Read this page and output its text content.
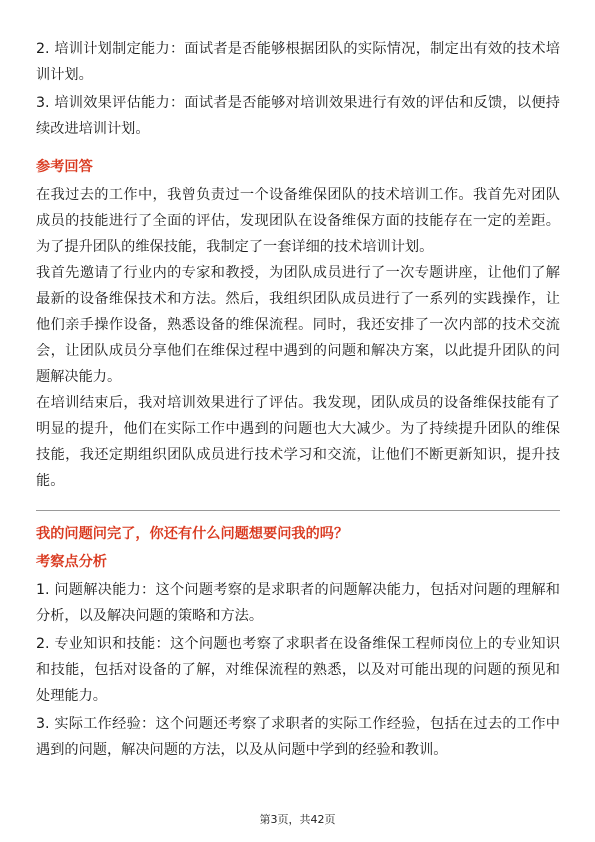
2. 培训计划制定能力：面试者是否能够根据团队的实际情况，制定出有效的技术培训计划。

3. 培训效果评估能力：面试者是否能够对培训效果进行有效的评估和反馈，以便持续改进培训计划。

参考回答

在我过去的工作中，我曾负责过一个设备维保团队的技术培训工作。我首先对团队成员的技能进行了全面的评估，发现团队在设备维保方面的技能存在一定的差距。为了提升团队的维保技能，我制定了一套详细的技术培训计划。

我首先邀请了行业内的专家和教授，为团队成员进行了一次专题讲座，让他们了解最新的设备维保技术和方法。然后，我组织团队成员进行了一系列的实践操作，让他们亲手操作设备，熟悉设备的维保流程。同时，我还安排了一次内部的技术交流会，让团队成员分享他们在维保过程中遇到的问题和解决方案，以此提升团队的问题解决能力。

在培训结束后，我对培训效果进行了评估。我发现，团队成员的设备维保技能有了明显的提升，他们在实际工作中遇到的问题也大大减少。为了持续提升团队的维保技能，我还定期组织团队成员进行技术学习和交流，让他们不断更新知识，提升技能。

我的问题问完了，你还有什么问题想要问我的吗？
考察点分析

1. 问题解决能力：这个问题考察的是求职者的问题解决能力，包括对问题的理解和分析，以及解决问题的策略和方法。

2. 专业知识和技能：这个问题也考察了求职者在设备维保工程师岗位上的专业知识和技能，包括对设备的了解，对维保流程的熟悉，以及对可能出现的问题的预见和处理能力。

3. 实际工作经验：这个问题还考察了求职者的实际工作经验，包括在过去的工作中遇到的问题，解决问题的方法，以及从问题中学到的经验和教训。

第3页，共42页
